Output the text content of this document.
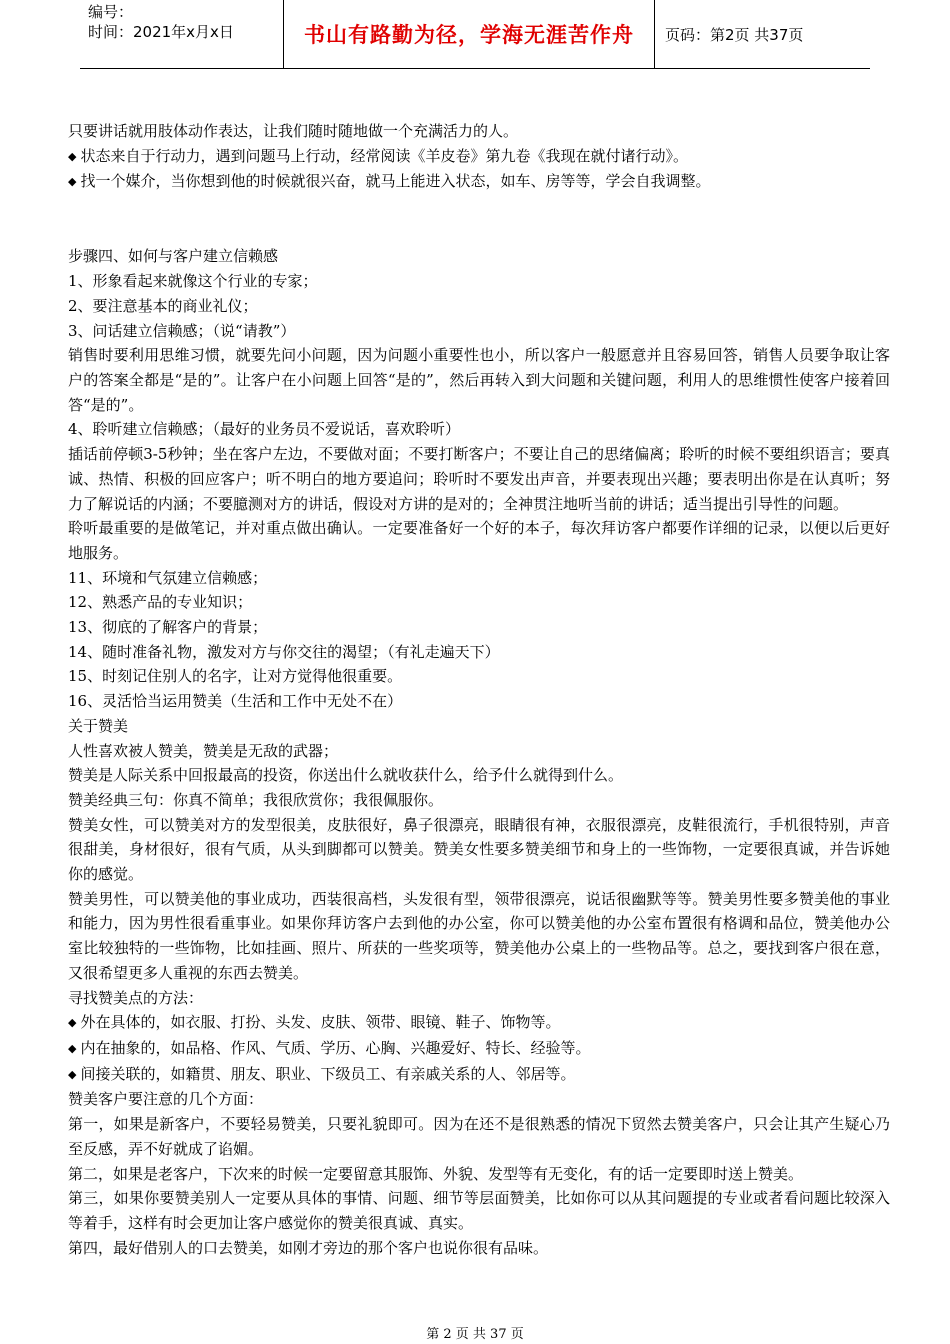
编号：
时间：2021年x月x日	书山有路勤为径，学海无涯苦作舟 页码：第2页 共37页

只要讲话就用肢体动作表达，让我们随时随地做一个充满活力的人。

◆ 状态来自于行动力，遇到问题马上行动，经常阅读《羊皮卷》第九卷《我现在就付诸行动》。

◆ 找一个媒介，当你想到他的时候就很兴奋，就马上能进入状态，如车、房等等，学会自我调整。

步骤四、如何与客户建立信赖感

1、形象看起来就像这个行业的专家；

2、要注意基本的商业礼仪；

3、问话建立信赖感；（说“请教”）

销售时要利用思维习惯，就要先问小问题，因为问题小重要性也小，所以客户一般愿意并且容易回答，销售人员要争取让客户的答案全都是“是的”。让客户在小问题上回答“是的”，然后再转入到大问题和关键问题，利用人的思维惯性使客户接着回答“是的”。

4、聆听建立信赖感；（最好的业务员不爱说话，喜欢聆听）

插话前停顿3-5秒钟；坐在客户左边，不要做对面；不要打断客户；不要让自己的思绪偏离；聆听的时候不要组织语言；要真诚、热情、积极的回应客户；听不明白的地方要追问；聆听时不要发出声音，并要表现出兴趣；要表明出你是在认真听；努力了解说话的内涵；不要臆测对方的讲话，假设对方讲的是对的；全神贯注地听当前的讲话；适当提出引导性的问题。

聆听最重要的是做笔记，并对重点做出确认。一定要准备好一个好的本子，每次拜访客户都要作详细的记录，以便以后更好地服务。

11、环境和气氛建立信赖感；

12、熟悉产品的专业知识；

13、彻底的了解客户的背景；

14、随时准备礼物，激发对方与你交往的渴望；（有礼走遍天下）

15、时刻记住别人的名字，让对方觉得他很重要。

16、灵活恰当运用赞美（生活和工作中无处不在）

关于赞美

人性喜欢被人赞美，赞美是无敌的武器；

赞美是人际关系中回报最高的投资，你送出什么就收获什么，给予什么就得到什么。

赞美经典三句：你真不简单；我很欣赏你；我很佩服你。

赞美女性，可以赞美对方的发型很美，皮肤很好，鼻子很漂亮，眼睛很有神，衣服很漂亮，皮鞋很流行，手机很特别，声音很甜美，身材很好，很有气质，从头到脚都可以赞美。赞美女性要多赞美细节和身上的一些饰物，一定要很真诚，并告诉她你的感觉。

赞美男性，可以赞美他的事业成功，西装很高档，头发很有型，领带很漂亮，说话很幽默等等。赞美男性要多赞美他的事业和能力，因为男性很看重事业。如果你拜访客户去到他的办公室，你可以赞美他的办公室布置很有格调和品位，赞美他办公室比较独特的一些饰物，比如挂画、照片、所获的一些奖项等，赞美他办公桌上的一些物品等。总之，要找到客户很在意，又很希望更多人重视的东西去赞美。

寻找赞美点的方法：

◆ 外在具体的，如衣服、打扮、头发、皮肤、领带、眼镜、鞋子、饰物等。

◆ 内在抽象的，如品格、作风、气质、学历、心胸、兴趣爱好、特长、经验等。

◆ 间接关联的，如籍贯、朋友、职业、下级员工、有亲戚关系的人、邻居等。

赞美客户要注意的几个方面：

第一，如果是新客户，不要轻易赞美，只要礼貌即可。因为在还不是很熟悉的情况下贸然去赞美客户，只会让其产生疑心乃至反感，弄不好就成了谄媚。

第二，如果是老客户，下次来的时候一定要留意其服饰、外貌、发型等有无变化，有的话一定要即时送上赞美。

第三，如果你要赞美别人一定要从具体的事情、问题、细节等层面赞美，比如你可以从其问题提的专业或者看问题比较深入等着手，这样有时会更加让客户感觉你的赞美很真诚、真实。

第四，最好借别人的口去赞美，如刚才旁边的那个客户也说你很有品味。

第 2 页 共 37 页
